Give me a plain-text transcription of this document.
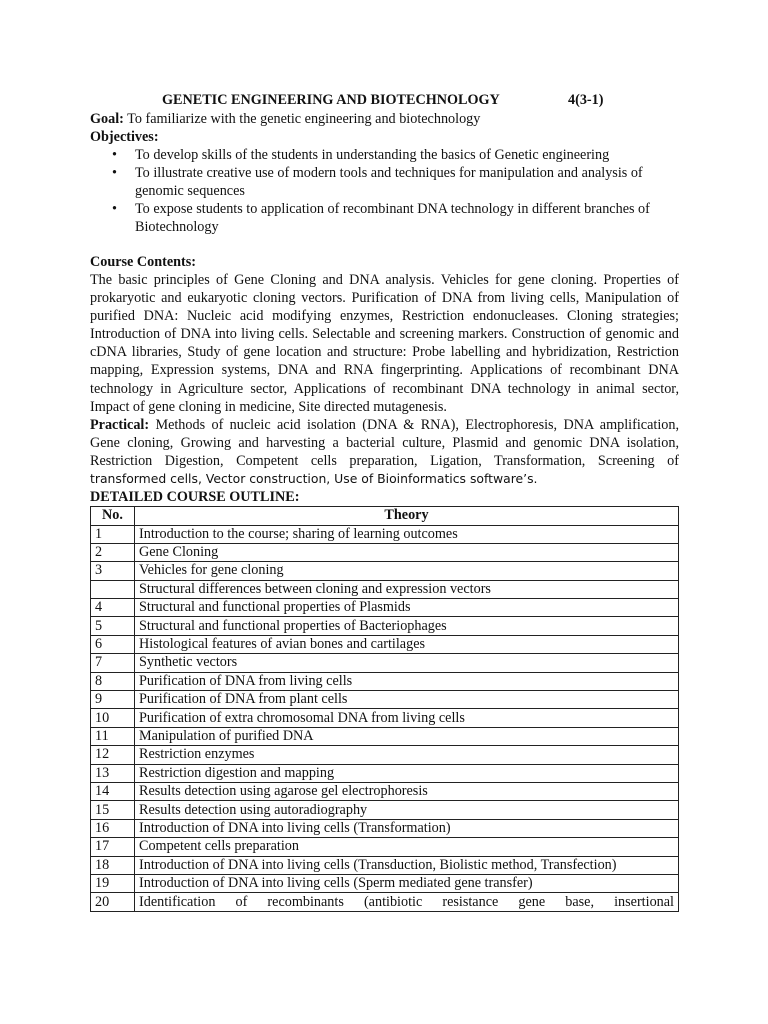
GENETIC ENGINEERING AND BIOTECHNOLOGY	4(3-1)
Goal: To familiarize with the genetic engineering and biotechnology
Objectives:
• To develop skills of the students in understanding the basics of Genetic engineering
• To illustrate creative use of modern tools and techniques for manipulation and analysis of genomic sequences
• To expose students to application of recombinant DNA technology in different branches of Biotechnology
Course Contents:
The basic principles of Gene Cloning and DNA analysis. Vehicles for gene cloning. Properties of prokaryotic and eukaryotic cloning vectors. Purification of DNA from living cells, Manipulation of purified DNA: Nucleic acid modifying enzymes, Restriction endonucleases. Cloning strategies; Introduction of DNA into living cells. Selectable and screening markers. Construction of genomic and cDNA libraries, Study of gene location and structure: Probe labelling and hybridization, Restriction mapping, Expression systems, DNA and RNA fingerprinting. Applications of recombinant DNA technology in Agriculture sector, Applications of recombinant DNA technology in animal sector, Impact of gene cloning in medicine, Site directed mutagenesis.
Practical: Methods of nucleic acid isolation (DNA & RNA), Electrophoresis, DNA amplification, Gene cloning, Growing and harvesting a bacterial culture, Plasmid and genomic DNA isolation, Restriction Digestion, Competent cells preparation, Ligation, Transformation, Screening of transformed cells, Vector construction, Use of Bioinformatics software’s.
DETAILED COURSE OUTLINE:
No.	Theory
1	Introduction to the course; sharing of learning outcomes
2	Gene Cloning
3	Vehicles for gene cloning
	Structural differences between cloning and expression vectors
4	Structural and functional properties of Plasmids
5	Structural and functional properties of Bacteriophages
6	Histological features of avian bones and cartilages
7	Synthetic vectors
8	Purification of DNA from living cells
9	Purification of DNA from plant cells
10	Purification of extra chromosomal DNA from living cells
11	Manipulation of purified DNA
12	Restriction enzymes
13	Restriction digestion and mapping
14	Results detection using agarose gel electrophoresis
15	Results detection using autoradiography
16	Introduction of DNA into living cells (Transformation)
17	Competent cells preparation
18	Introduction of DNA into living cells (Transduction, Biolistic method, Transfection)
19	Introduction of DNA into living cells (Sperm mediated gene transfer)
20	Identification of recombinants (antibiotic resistance gene base, insertional
